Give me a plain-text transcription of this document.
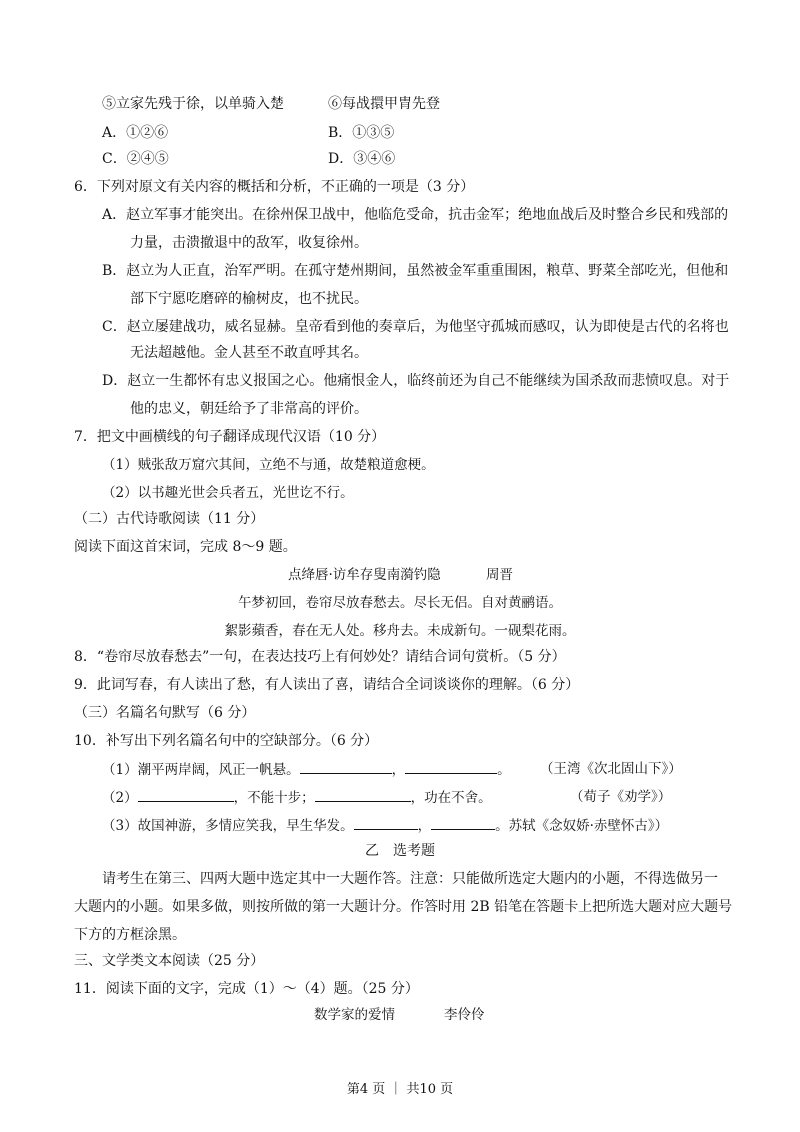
⑤立家先残于徐，以单骑入楚	⑥每战擐甲胄先登
A．①②⑥	B．①③⑤
C．②④⑤	D．③④⑥
6．下列对原文有关内容的概括和分析，不正确的一项是（3 分）
A．赵立军事才能突出。在徐州保卫战中，他临危受命，抗击金军；绝地血战后及时整合乡民和残部的
力量，击溃撤退中的敌军，收复徐州。
B．赵立为人正直，治军严明。在孤守楚州期间，虽然被金军重重围困，粮草、野菜全部吃光，但他和
部下宁愿吃磨碎的榆树皮，也不扰民。
C．赵立屡建战功，威名显赫。皇帝看到他的奏章后，为他坚守孤城而感叹，认为即使是古代的名将也
无法超越他。金人甚至不敢直呼其名。
D．赵立一生都怀有忠义报国之心。他痛恨金人，临终前还为自己不能继续为国杀敌而悲愤叹息。对于
他的忠义，朝廷给予了非常高的评价。
7．把文中画横线的句子翻译成现代汉语（10 分）
（1）贼张敌万窟穴其间，立绝不与通，故楚粮道愈梗。
（2）以书趣光世会兵者五，光世讫不行。
（二）古代诗歌阅读（11 分）
阅读下面这首宋词，完成 8～9 题。
点绛唇·访牟存叟南漪钓隐	周晋
午梦初回，卷帘尽放春愁去。尽长无侣。自对黄鹂语。
絮影蘋香，春在无人处。移舟去。未成新句。一砚梨花雨。
8．“卷帘尽放春愁去”一句，在表达技巧上有何妙处？请结合词句赏析。（5 分）
9．此词写春，有人读出了愁，有人读出了喜，请结合全词谈谈你的理解。（6 分）
（三）名篇名句默写（6 分）
10．补写出下列名篇名句中的空缺部分。（6 分）
（1）潮平两岸阔，风正一帆悬。	，	。 （王湾《次北固山下》）
（2）	，不能十步；	，功在不舍。	（荀子《劝学》）
（3）故国神游，多情应笑我，早生华发。	，	。苏轼《念奴娇·赤壁怀古》）
乙　选考题
请考生在第三、四两大题中选定其中一大题作答。注意：只能做所选定大题内的小题，不得选做另一
大题内的小题。如果多做，则按所做的第一大题计分。作答时用 2B 铅笔在答题卡上把所选大题对应大题号
下方的方框涂黑。
三、文学类文本阅读（25 分）
11．阅读下面的文字，完成（1）～（4）题。（25 分）
数学家的爱情	李伶伶
第4 页 ｜ 共10 页
